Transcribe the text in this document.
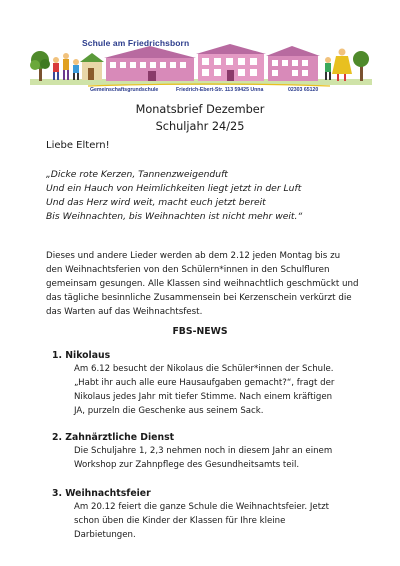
Schule am Friedrichsborn
Gemeinschaftsgrundschule	Friedrich-Ebert-Str. 113 59425 Unna	02303 65120
Monatsbrief Dezember
Schuljahr 24/25
Liebe Eltern!
„Dicke rote Kerzen, Tannenzweigenduft
Und ein Hauch von Heimlichkeiten liegt jetzt in der Luft
Und das Herz wird weit, macht euch jetzt bereit
Bis Weihnachten, bis Weihnachten ist nicht mehr weit.“
Dieses und andere Lieder werden ab dem 2.12 jeden Montag bis zu
den Weihnachtsferien von den Schülern*innen in den Schulfluren
gemeinsam gesungen. Alle Klassen sind weihnachtlich geschmückt und
das tägliche besinnliche Zusammensein bei Kerzenschein verkürzt die
das Warten auf das Weihnachtsfest.
FBS-NEWS
1. Nikolaus
Am 6.12 besucht der Nikolaus die Schüler*innen der Schule.
„Habt ihr auch alle eure Hausaufgaben gemacht?“, fragt der
Nikolaus jedes Jahr mit tiefer Stimme. Nach einem kräftigen
JA, purzeln die Geschenke aus seinem Sack.
2. Zahnärztliche Dienst
Die Schuljahre 1, 2,3 nehmen noch in diesem Jahr an einem
Workshop zur Zahnpflege des Gesundheitsamts teil.
3. Weihnachtsfeier
Am 20.12 feiert die ganze Schule die Weihnachtsfeier. Jetzt
schon üben die Kinder der Klassen für Ihre kleine
Darbietungen.
